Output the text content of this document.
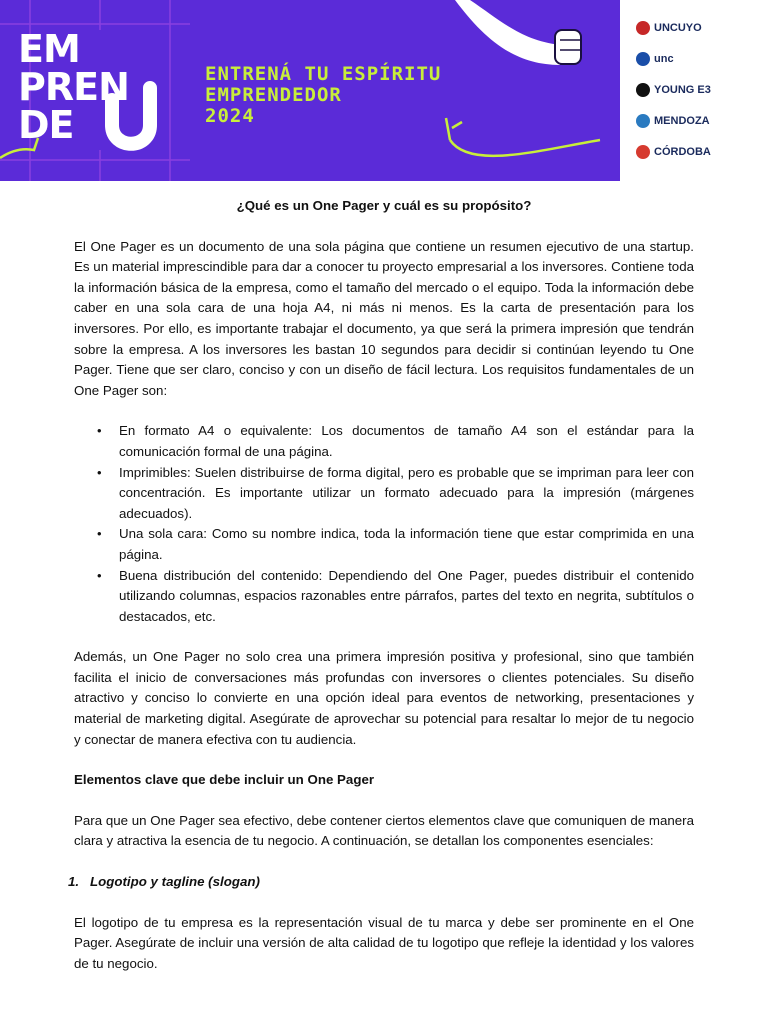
EM
PREN
DE
ENTRENÁ TU ESPÍRITU
EMPRENDEDOR
2024
UNCUYO
unc
YOUNG E3
MENDOZA
CÓRDOBA

¿Qué es un One Pager y cuál es su propósito?

El One Pager es un documento de una sola página que contiene un resumen ejecutivo de una startup. Es un material imprescindible para dar a conocer tu proyecto empresarial a los inversores. Contiene toda la información básica de la empresa, como el tamaño del mercado o el equipo. Toda la información debe caber en una sola cara de una hoja A4, ni más ni menos. Es la carta de presentación para los inversores. Por ello, es importante trabajar el documento, ya que será la primera impresión que tendrán sobre la empresa. A los inversores les bastan 10 segundos para decidir si continúan leyendo tu One Pager. Tiene que ser claro, conciso y con un diseño de fácil lectura. Los requisitos fundamentales de un One Pager son:

• En formato A4 o equivalente: Los documentos de tamaño A4 son el estándar para la comunicación formal de una página.
• Imprimibles: Suelen distribuirse de forma digital, pero es probable que se impriman para leer con concentración. Es importante utilizar un formato adecuado para la impresión (márgenes adecuados).
• Una sola cara: Como su nombre indica, toda la información tiene que estar comprimida en una página.
• Buena distribución del contenido: Dependiendo del One Pager, puedes distribuir el contenido utilizando columnas, espacios razonables entre párrafos, partes del texto en negrita, subtítulos o destacados, etc.

Además, un One Pager no solo crea una primera impresión positiva y profesional, sino que también facilita el inicio de conversaciones más profundas con inversores o clientes potenciales. Su diseño atractivo y conciso lo convierte en una opción ideal para eventos de networking, presentaciones y material de marketing digital. Asegúrate de aprovechar su potencial para resaltar lo mejor de tu negocio y conectar de manera efectiva con tu audiencia.

Elementos clave que debe incluir un One Pager

Para que un One Pager sea efectivo, debe contener ciertos elementos clave que comuniquen de manera clara y atractiva la esencia de tu negocio. A continuación, se detallan los componentes esenciales:

1. Logotipo y tagline (slogan)

El logotipo de tu empresa es la representación visual de tu marca y debe ser prominente en el One Pager. Asegúrate de incluir una versión de alta calidad de tu logotipo que refleje la identidad y los valores de tu negocio.
